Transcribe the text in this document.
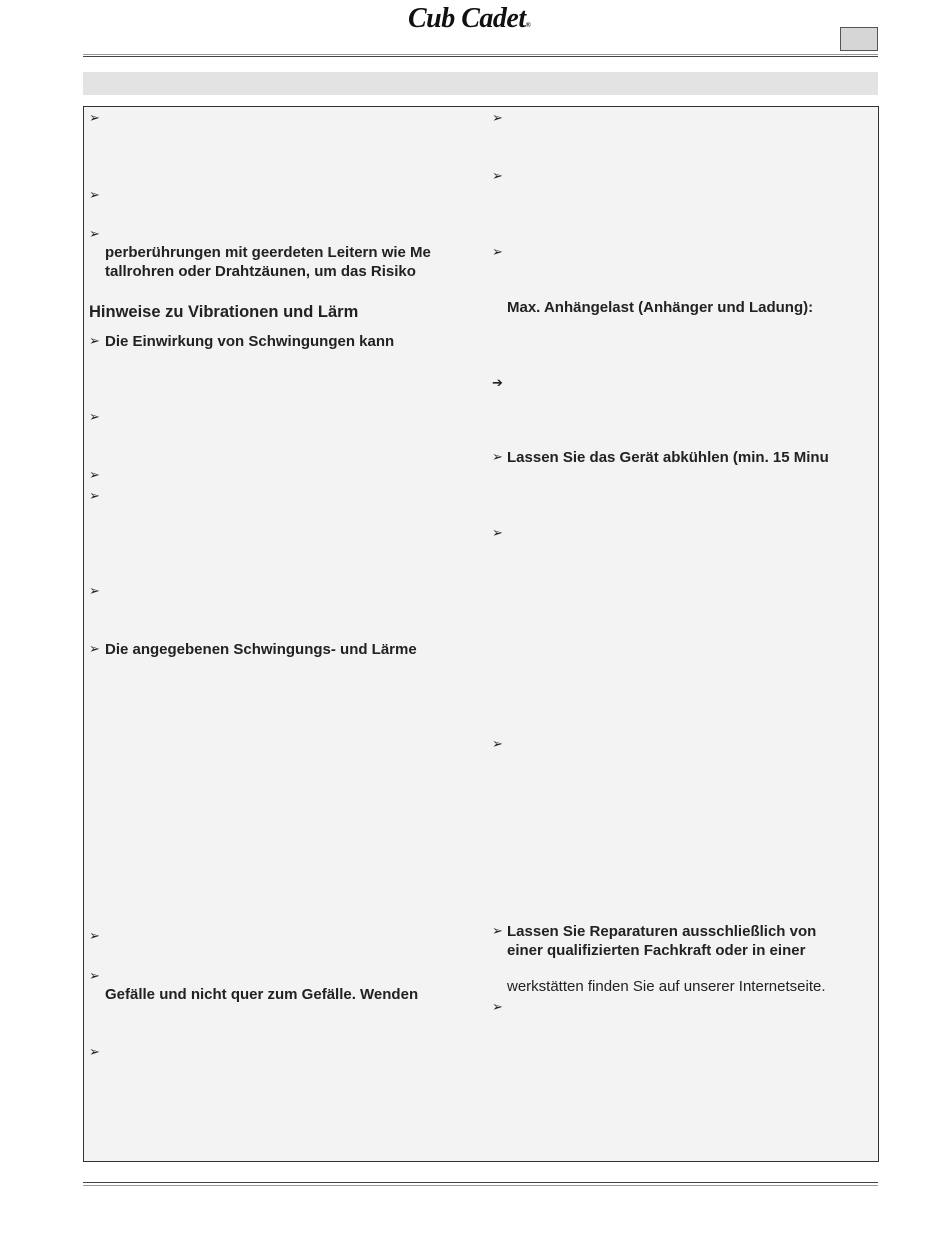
Cub Cadet®
➢
➢
➢
perberührungen mit geerdeten Leitern wie Me
tallrohren oder Drahtzäunen, um das Risiko
Hinweise zu Vibrationen und Lärm
➢ Die Einwirkung von Schwingungen kann
➢
➢
➢
➢
➢ Die angegebenen Schwingungs- und Lärme
➢
➢
Gefälle und nicht quer zum Gefälle. Wenden
➢
➢
➢
➢
Max. Anhängelast (Anhänger und Ladung):
➔
➢ Lassen Sie das Gerät abkühlen (min. 15 Minu
➢
➢
➢ Lassen Sie Reparaturen ausschließlich von
einer qualifizierten Fachkraft oder in einer
werkstätten finden Sie auf unserer Internetseite.
➢
